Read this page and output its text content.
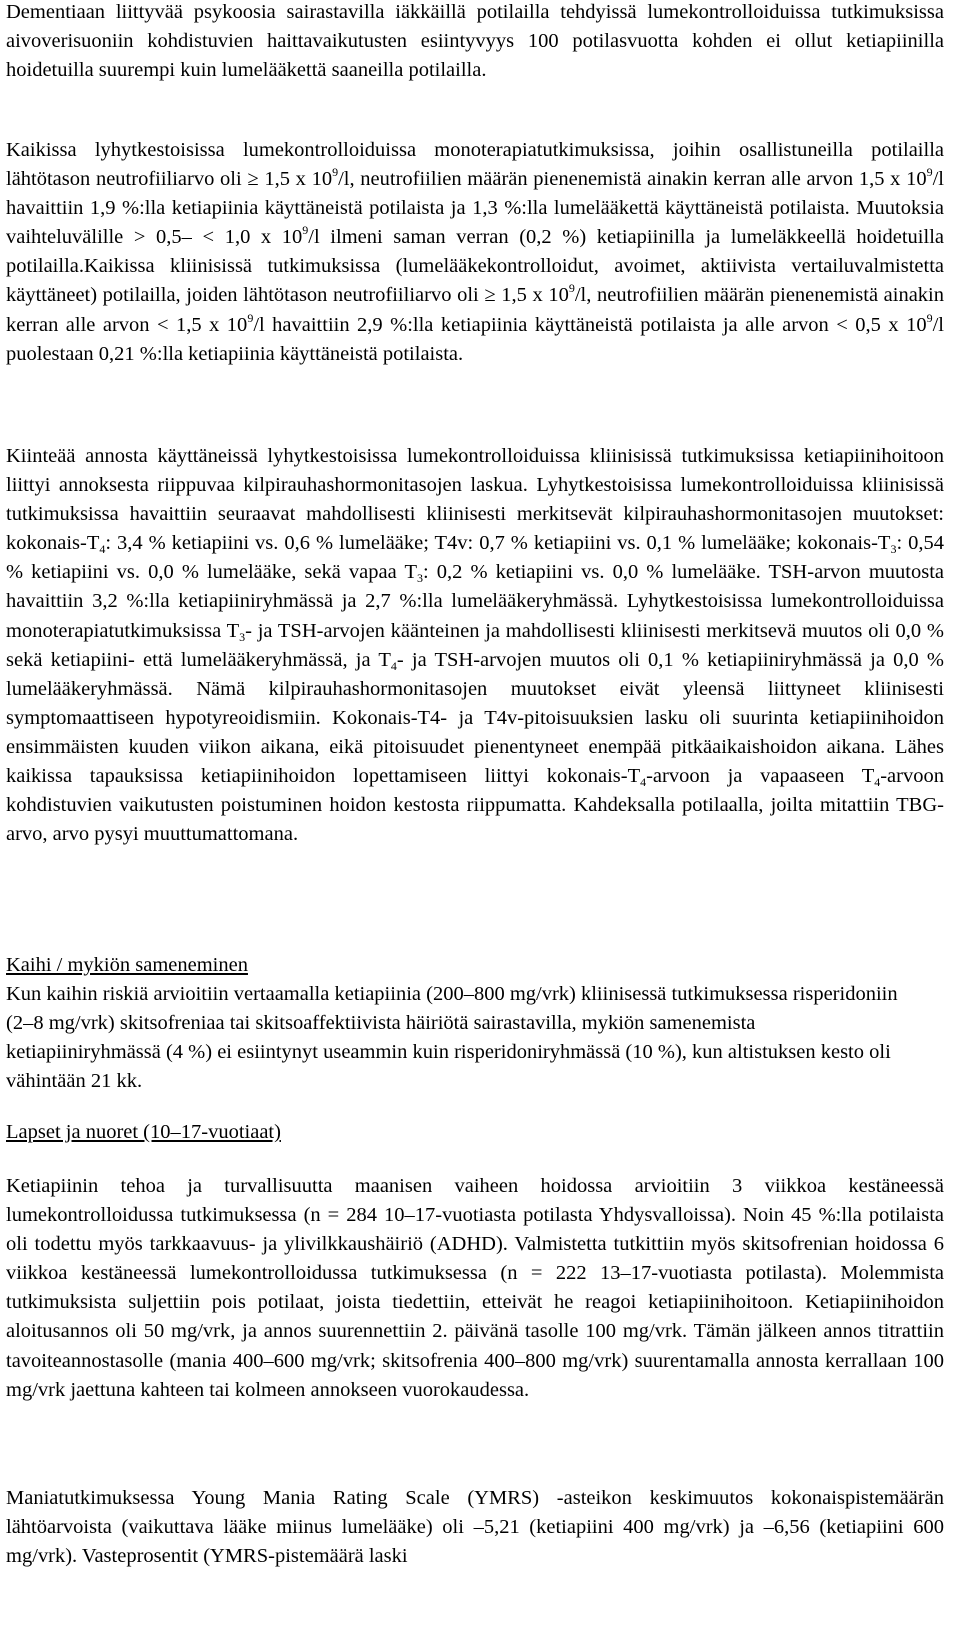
Dementiaan liittyvää psykoosia sairastavilla iäkkäillä potilailla tehdyissä lumekontrolloiduissa tutkimuksissa aivoverisuoniin kohdistuvien haittavaikutusten esiintyvyys 100 potilasvuotta kohden ei ollut ketiapiinilla hoidetuilla suurempi kuin lumelääkettä saaneilla potilailla.

Kaikissa lyhytkestoisissa lumekontrolloiduissa monoterapiatutkimuksissa, joihin osallistuneilla potilailla lähtötason neutrofiiliarvo oli ≥ 1,5 x $10^9/l$, neutrofiilien määrän pienenemistä ainakin kerran alle arvon 1,5 x $10^9/l$ havaittiin 1,9 %:lla ketiapiinia käyttäneistä potilaista ja 1,3 %:lla lumelääkettä käyttäneistä potilaista. Muutoksia vaihteluvälille > 0,5– < 1,0 x $10^9/l$ ilmeni saman verran (0,2 %) ketiapiinilla ja lumeläkkeellä hoidetuilla potilailla.Kaikissa kliinisissä tutkimuksissa (lumelääkekontrolloidut, avoimet, aktiivista vertailuvalmistetta käyttäneet) potilailla, joiden lähtötason neutrofiiliarvo oli ≥ 1,5 x $10^9/l$, neutrofiilien määrän pienenemistä ainakin kerran alle arvon < 1,5 x $10^9/l$ havaittiin 2,9 %:lla ketiapiinia käyttäneistä potilaista ja alle arvon < 0,5 x $10^9/l$ puolestaan 0,21 %:lla ketiapiinia käyttäneistä potilaista.

Kiinteää annosta käyttäneissä lyhytkestoisissa lumekontrolloiduissa kliinisissä tutkimuksissa ketiapiinihoitoon liittyi annoksesta riippuvaa kilpirauhashormonitasojen laskua. Lyhytkestoisissa lumekontrolloiduissa kliinisissä tutkimuksissa havaittiin seuraavat mahdollisesti kliinisesti merkitsevät kilpirauhashormonitasojen muutokset: kokonais-$T_4$: 3,4 % ketiapiini vs. 0,6 % lumelääke; T4v: 0,7 % ketiapiini vs. 0,1 % lumelääke; kokonais-$T_3$: 0,54 % ketiapiini vs. 0,0 % lumelääke, sekä vapaa $T_3$: 0,2 % ketiapiini vs. 0,0 % lumelääke. TSH-arvon muutosta havaittiin 3,2 %:lla ketiapiiniryhmässä ja 2,7 %:lla lumelääkeryhmässä. Lyhytkestoisissa lumekontrolloiduissa monoterapiatutkimuksissa $T_3-$ ja TSH-arvojen käänteinen ja mahdollisesti kliinisesti merkitsevä muutos oli 0,0 % sekä ketiapiini- että lumelääkeryhmässä, ja $T_4-$ ja TSH-arvojen muutos oli 0,1 % ketiapiiniryhmässä ja 0,0 % lumelääkeryhmässä. Nämä kilpirauhashormonitasojen muutokset eivät yleensä liittyneet kliinisesti symptomaattiseen hypotyreoidismiin. Kokonais-T4- ja T4v-pitoisuuksien lasku oli suurinta ketiapiinihoidon ensimmäisten kuuden viikon aikana, eikä pitoisuudet pienentyneet enempää pitkäaikaishoidon aikana. Lähes kaikissa tapauksissa ketiapiinihoidon lopettamiseen liittyi kokonais-$T_4$-arvoon ja vapaaseen $T_4$-arvoon kohdistuvien vaikutusten poistuminen hoidon kestosta riippumatta. Kahdeksalla potilaalla, joilta mitattiin TBG-arvo, arvo pysyi muuttumattomana.

Kaihi / mykiön sameneminen

Kun kaihin riskiä arvioitiin vertaamalla ketiapiinia (200–800 mg/vrk) kliinisessä tutkimuksessa risperidoniin (2–8 mg/vrk) skitsofreniaa tai skitsoaffektiivista häiriötä sairastavilla, mykiön samenemista ketiapiiniryhmässä (4 %) ei esiintynyt useammin kuin risperidoniryhmässä (10 %), kun altistuksen kesto oli vähintään 21 kk.

Lapset ja nuoret (10–17-vuotiaat)

Ketiapiinin tehoa ja turvallisuutta maanisen vaiheen hoidossa arvioitiin 3 viikkoa kestäneessä lumekontrolloidussa tutkimuksessa (n = 284 10–17-vuotiasta potilasta Yhdysvalloissa). Noin 45 %:lla potilaista oli todettu myös tarkkaavuus- ja ylivilkkaushäiriö (ADHD). Valmistetta tutkittiin myös skitsofrenian hoidossa 6 viikkoa kestäneessä lumekontrolloidussa tutkimuksessa (n = 222 13–17-vuotiasta potilasta). Molemmista tutkimuksista suljettiin pois potilaat, joista tiedettiin, etteivät he reagoi ketiapiinihoitoon. Ketiapiinihoidon aloitusannos oli 50 mg/vrk, ja annos suurennettiin 2. päivänä tasolle 100 mg/vrk. Tämän jälkeen annos titrattiin tavoiteannostasolle (mania 400–600 mg/vrk; skitsofrenia 400–800 mg/vrk) suurentamalla annosta kerrallaan 100 mg/vrk jaettuna kahteen tai kolmeen annokseen vuorokaudessa.

Maniatutkimuksessa Young Mania Rating Scale (YMRS) -asteikon keskimuutos kokonaispistemäärän lähtöarvoista (vaikuttava lääke miinus lumelääke) oli –5,21 (ketiapiini 400 mg/vrk) ja –6,56 (ketiapiini 600 mg/vrk). Vasteprosentit (YMRS-pistemäärä laski
